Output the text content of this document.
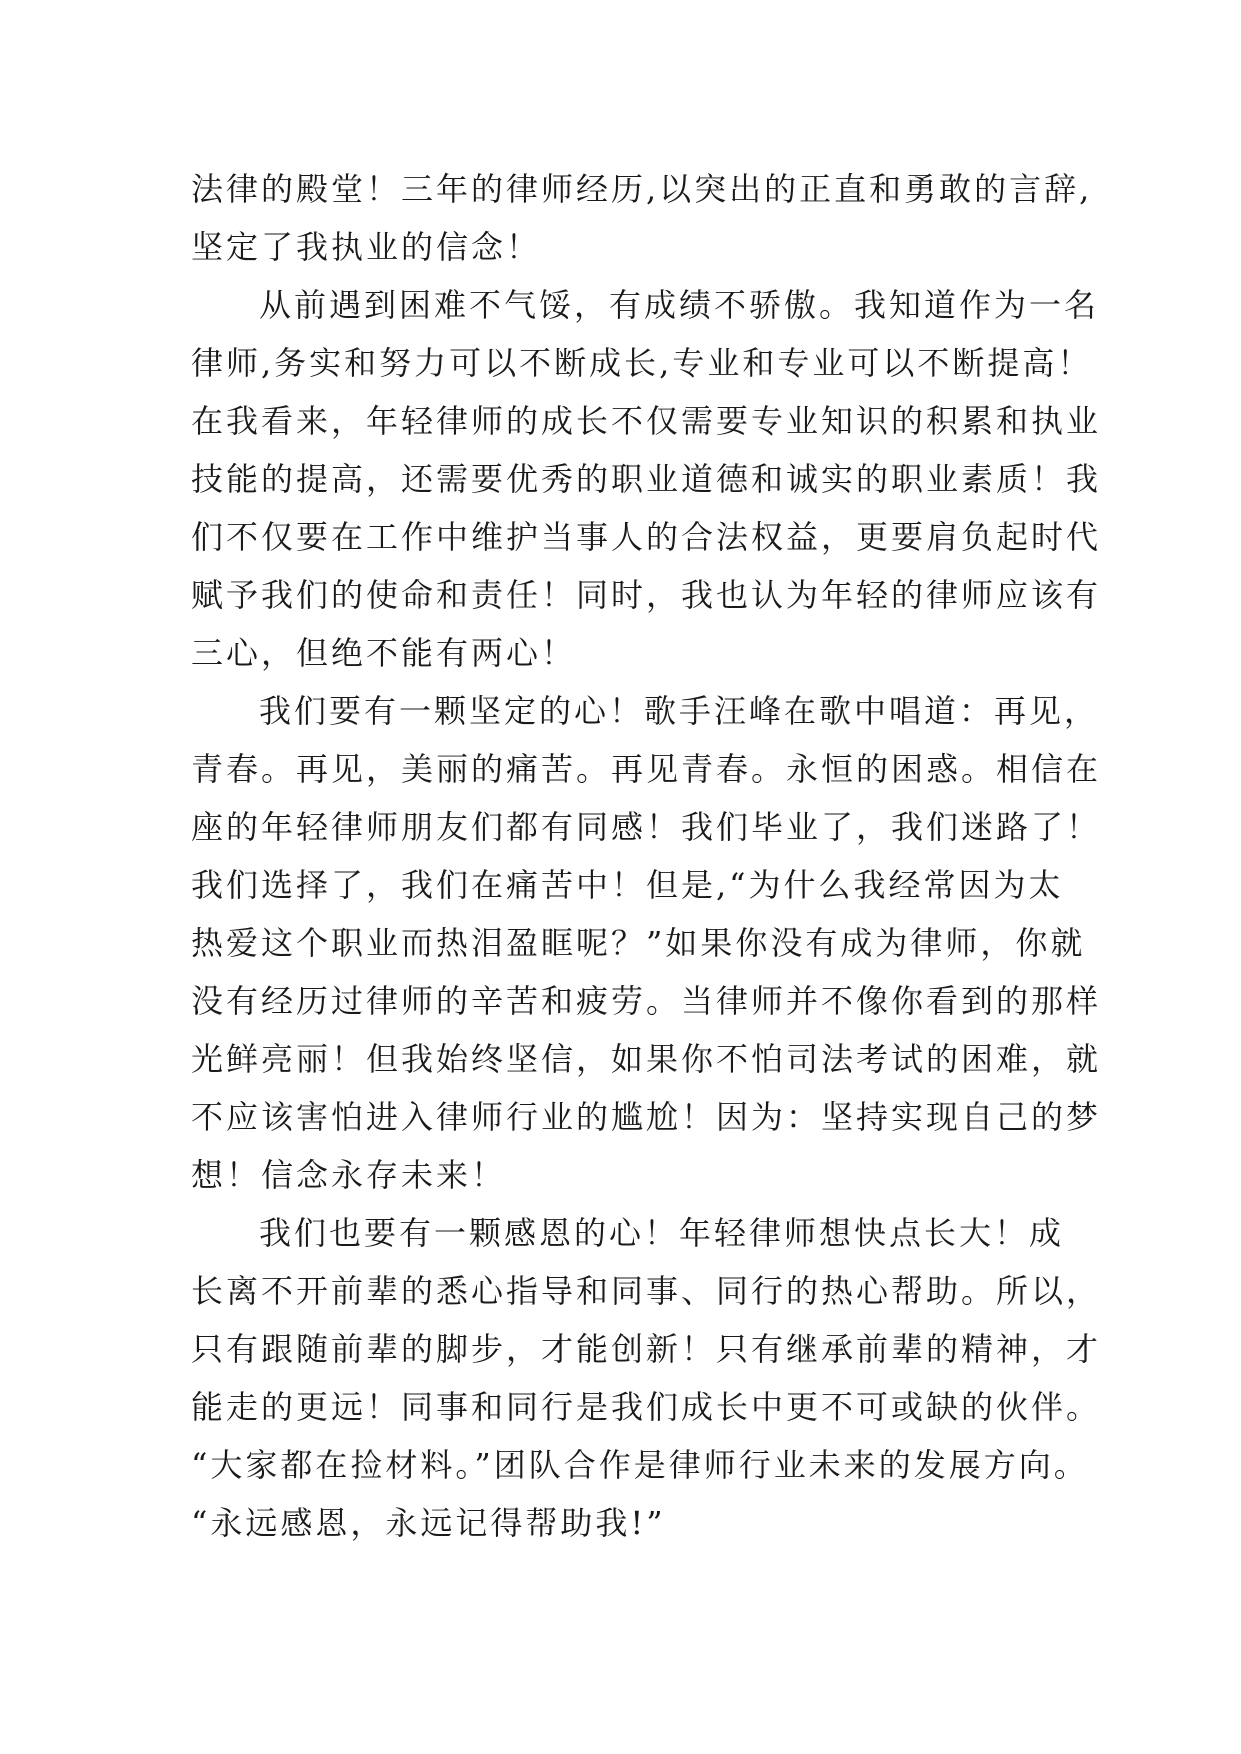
法律的殿堂！三年的律师经历,以突出的正直和勇敢的言辞,
坚定了我执业的信念！
从前遇到困难不气馁，有成绩不骄傲。我知道作为一名
律师,务实和努力可以不断成长,专业和专业可以不断提高！
在我看来，年轻律师的成长不仅需要专业知识的积累和执业
技能的提高，还需要优秀的职业道德和诚实的职业素质！我
们不仅要在工作中维护当事人的合法权益，更要肩负起时代
赋予我们的使命和责任！同时，我也认为年轻的律师应该有
三心，但绝不能有两心！
我们要有一颗坚定的心！歌手汪峰在歌中唱道：再见，
青春。再见，美丽的痛苦。再见青春。永恒的困惑。相信在
座的年轻律师朋友们都有同感！我们毕业了，我们迷路了！
我们选择了，我们在痛苦中！但是,“为什么我经常因为太
热爱这个职业而热泪盈眶呢？”如果你没有成为律师，你就
没有经历过律师的辛苦和疲劳。当律师并不像你看到的那样
光鲜亮丽！但我始终坚信，如果你不怕司法考试的困难，就
不应该害怕进入律师行业的尴尬！因为：坚持实现自己的梦
想！信念永存未来！
我们也要有一颗感恩的心！年轻律师想快点长大！成
长离不开前辈的悉心指导和同事、同行的热心帮助。所以，
只有跟随前辈的脚步，才能创新！只有继承前辈的精神，才
能走的更远！同事和同行是我们成长中更不可或缺的伙伴。
“大家都在捡材料。”团队合作是律师行业未来的发展方向。
“永远感恩，永远记得帮助我!”
